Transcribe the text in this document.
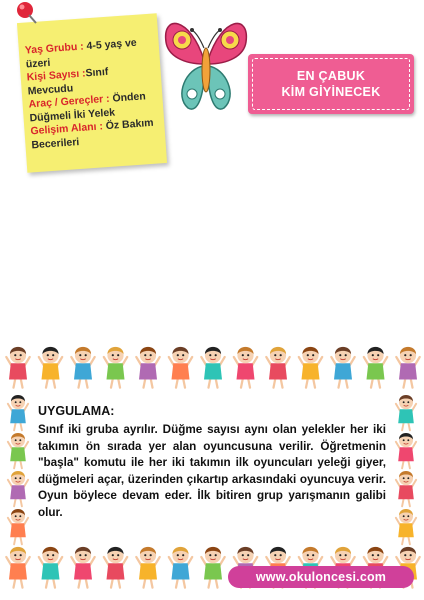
Yaş Grubu : 4-5 yaş ve üzeri
Kişi Sayısı :Sınıf Mevcudu
Araç / Gereçler : Önden Düğmeli İki Yelek
Gelişim Alanı : Öz Bakım Becerileri
EN ÇABUK
KİM GİYİNECEK

UYGULAMA:

Sınıf iki gruba ayrılır. Düğme sayısı aynı olan yelekler her iki takımın ön sırada yer alan oyuncusuna verilir. Öğretmenin "başla" komutu ile her iki takımın ilk oyuncuları yeleği giyer, düğmeleri açar, üzerinden çıkartıp arkasındaki oyuncuya verir. Oyun böylece devam eder. İlk bitiren grup yarışmanın galibi olur.

www.okuloncesi.com
